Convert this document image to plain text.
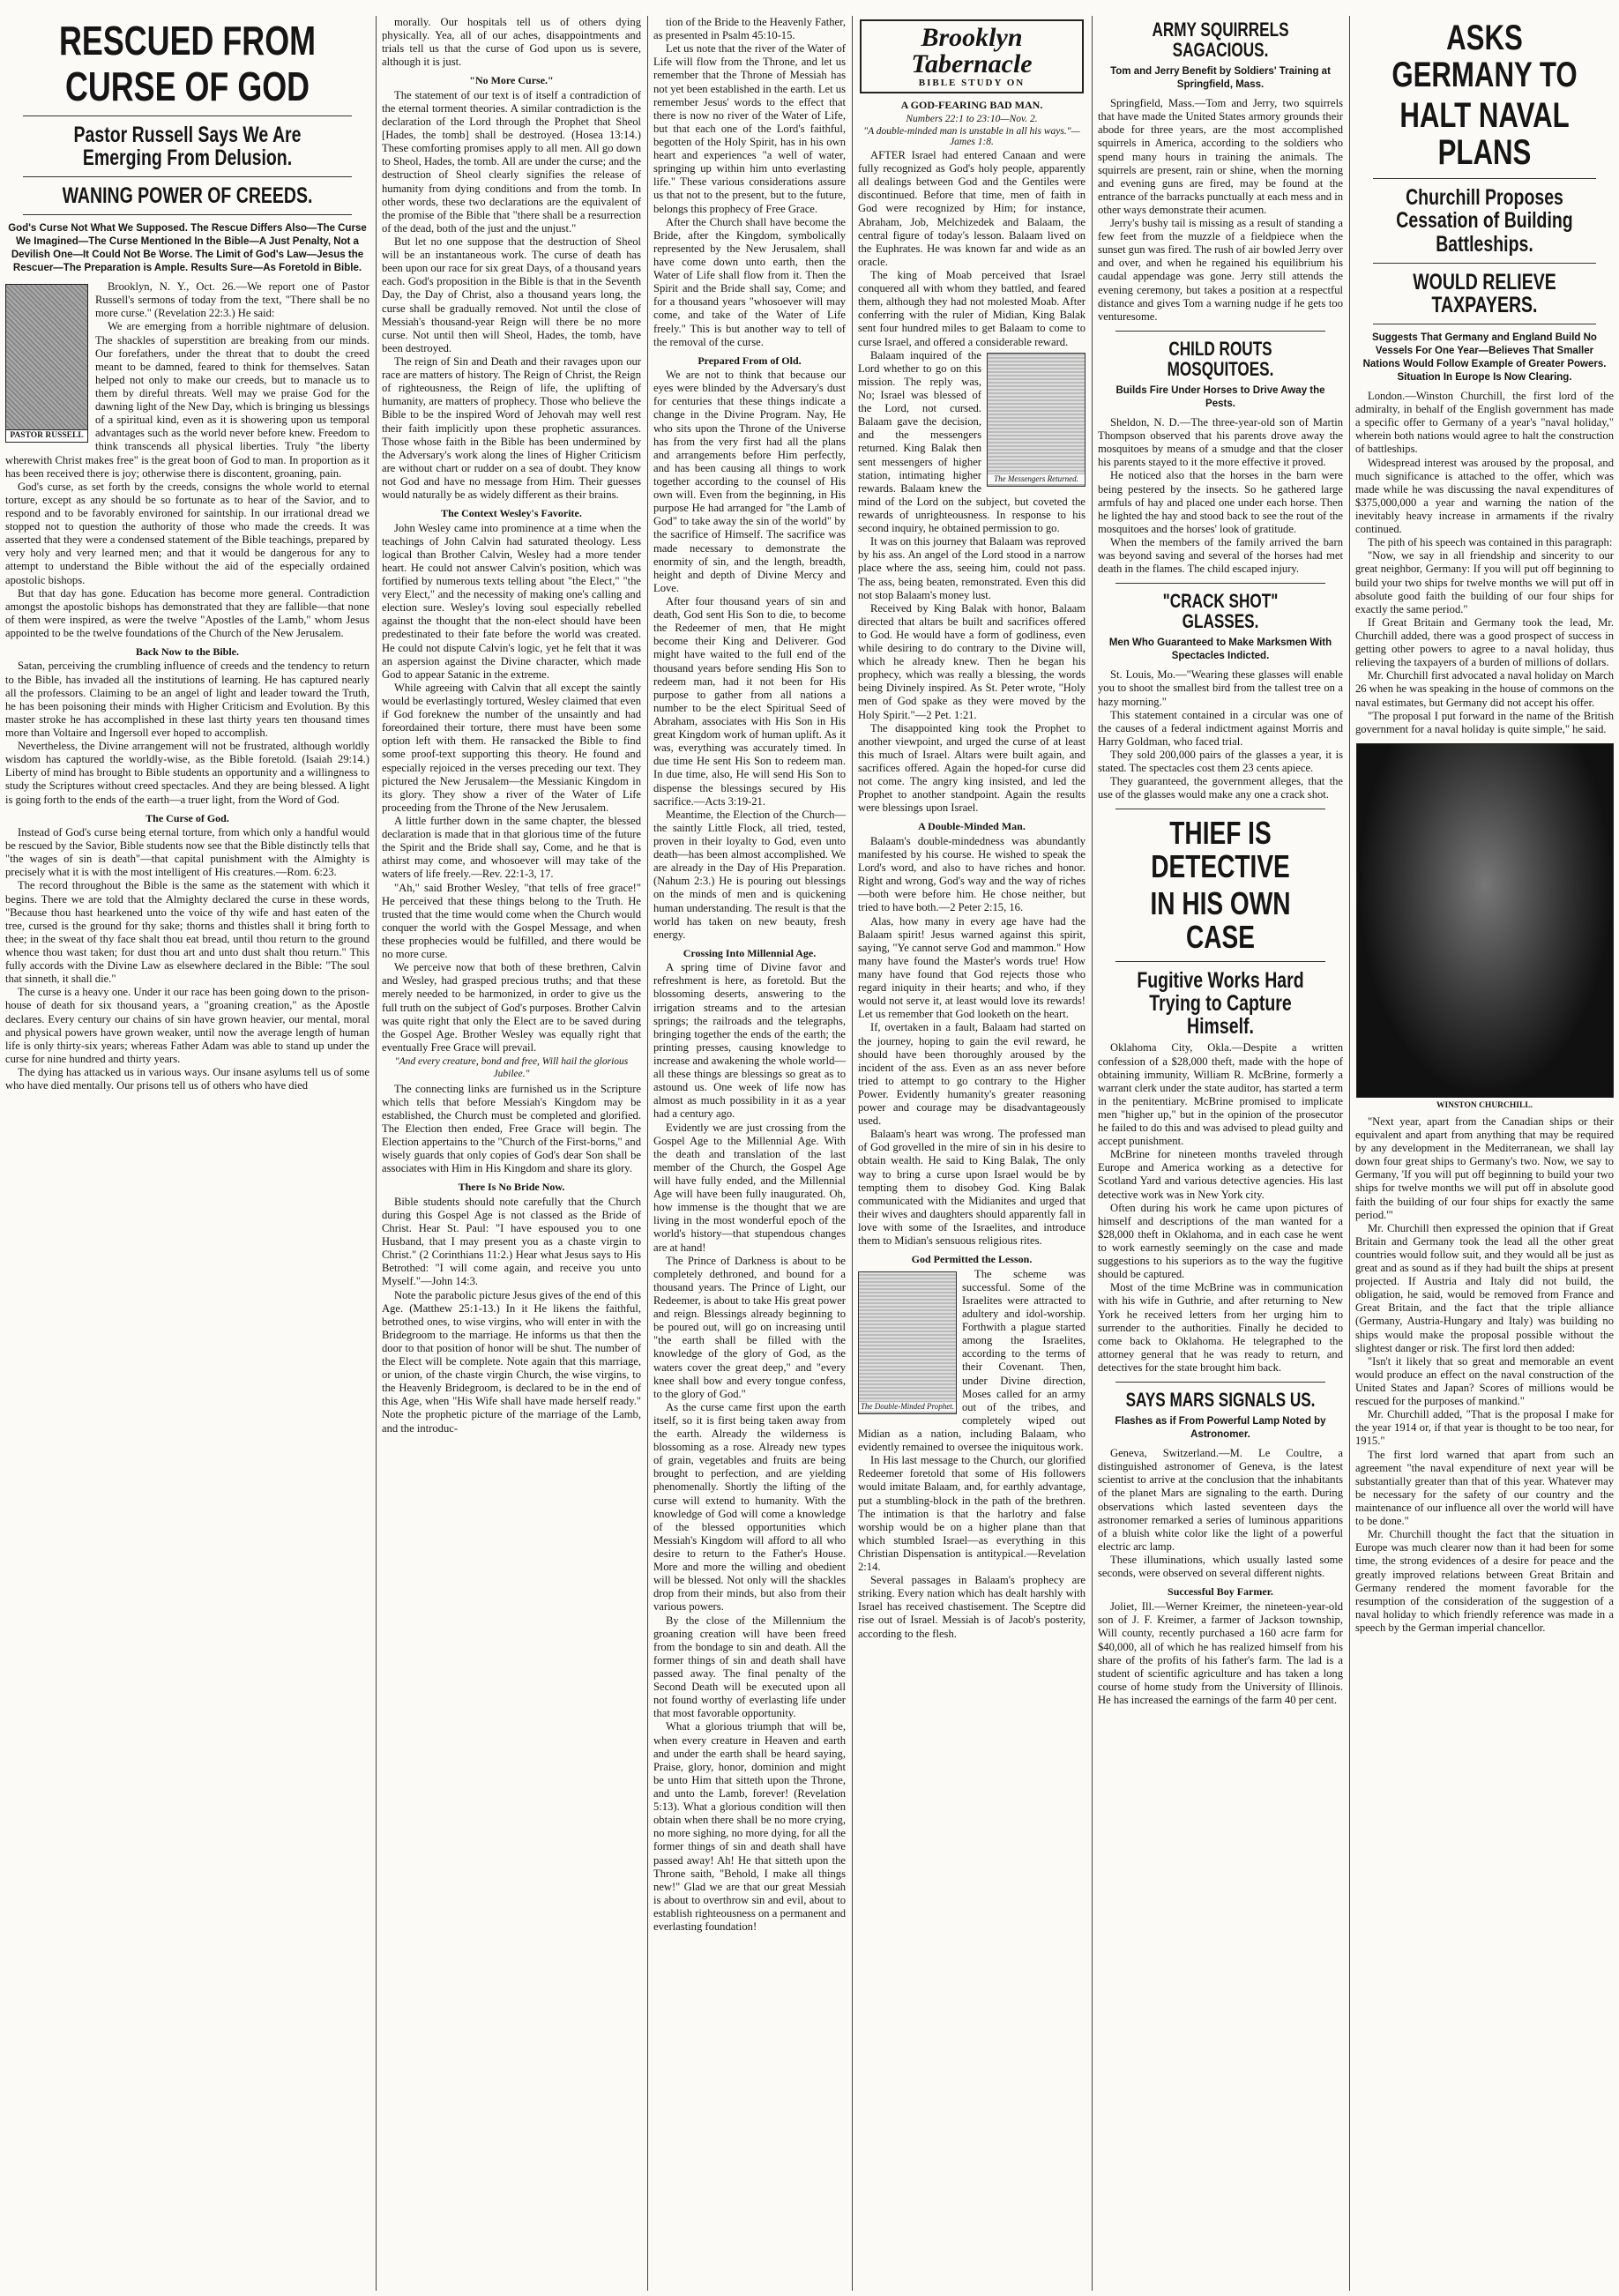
RESCUED FROM
CURSE OF GOD
Pastor Russell Says We Are Emerging From Delusion.
WANING POWER OF CREEDS.
God's Curse Not What We Supposed. The Rescue Differs Also—The Curse We Imagined—The Curse Mentioned In the Bible—A Just Penalty, Not a Devilish One—It Could Not Be Worse. The Limit of God's Law—Jesus the Rescuer—The Preparation is Ample. Results Sure—As Foretold in Bible.
PASTOR RUSSELL

Brooklyn, N. Y., Oct. 26.—We report one of Pastor Russell's sermons of today from the text, "There shall be no more curse." (Revelation 22:3.) He said:

We are emerging from a horrible nightmare of delusion. The shackles of superstition are breaking from our minds. Our forefathers, under the threat that to doubt the creed meant to be damned, feared to think for themselves. Satan helped not only to make our creeds, but to manacle us to them by direful threats. Well may we praise God for the dawning light of the New Day, which is bringing us blessings of a spiritual kind, even as it is showering upon us temporal advantages such as the world never before knew. Freedom to think transcends all physical liberties. Truly "the liberty wherewith Christ makes free" is the great boon of God to man. In proportion as it has been received there is joy; otherwise there is discontent, groaning, pain.

God's curse, as set forth by the creeds, consigns the whole world to eternal torture, except as any should be so fortunate as to hear of the Savior, and to respond and to be favorably environed for saintship. In our irrational dread we stopped not to question the authority of those who made the creeds. It was asserted that they were a condensed statement of the Bible teachings, prepared by very holy and very learned men; and that it would be dangerous for any to attempt to understand the Bible without the aid of the especially ordained apostolic bishops.

But that day has gone. Education has become more general. Contradiction amongst the apostolic bishops has demonstrated that they are fallible—that none of them were inspired, as were the twelve "Apostles of the Lamb," whom Jesus appointed to be the twelve foundations of the Church of the New Jerusalem.

Back Now to the Bible.

Satan, perceiving the crumbling influence of creeds and the tendency to return to the Bible, has invaded all the institutions of learning. He has captured nearly all the professors. Claiming to be an angel of light and leader toward the Truth, he has been poisoning their minds with Higher Criticism and Evolution. By this master stroke he has accomplished in these last thirty years ten thousand times more than Voltaire and Ingersoll ever hoped to accomplish.

Nevertheless, the Divine arrangement will not be frustrated, although worldly wisdom has captured the worldly-wise, as the Bible foretold. (Isaiah 29:14.) Liberty of mind has brought to Bible students an opportunity and a willingness to study the Scriptures without creed spectacles. And they are being blessed. A light is going forth to the ends of the earth—a truer light, from the Word of God.

The Curse of God.

Instead of God's curse being eternal torture, from which only a handful would be rescued by the Savior, Bible students now see that the Bible distinctly tells that "the wages of sin is death"—that capital punishment with the Almighty is precisely what it is with the most intelligent of His creatures.—Rom. 6:23.

The record throughout the Bible is the same as the statement with which it begins. There we are told that the Almighty declared the curse in these words, "Because thou hast hearkened unto the voice of thy wife and hast eaten of the tree, cursed is the ground for thy sake; thorns and thistles shall it bring forth to thee; in the sweat of thy face shalt thou eat bread, until thou return to the ground whence thou wast taken; for dust thou art and unto dust shalt thou return." This fully accords with the Divine Law as elsewhere declared in the Bible: "The soul that sinneth, it shall die."

The curse is a heavy one. Under it our race has been going down to the prison-house of death for six thousand years, a "groaning creation," as the Apostle declares. Every century our chains of sin have grown heavier, our mental, moral and physical powers have grown weaker, until now the average length of human life is only thirty-six years; whereas Father Adam was able to stand up under the curse for nine hundred and thirty years.

The dying has attacked us in various ways. Our insane asylums tell us of some who have died mentally. Our prisons tell us of others who have died

morally. Our hospitals tell us of others dying physically. Yea, all of our aches, disappointments and trials tell us that the curse of God upon us is severe, although it is just.

"No More Curse."

The statement of our text is of itself a contradiction of the eternal torment theories. A similar contradiction is the declaration of the Lord through the Prophet that Sheol [Hades, the tomb] shall be destroyed. (Hosea 13:14.) These comforting promises apply to all men. All go down to Sheol, Hades, the tomb. All are under the curse; and the destruction of Sheol clearly signifies the release of humanity from dying conditions and from the tomb. In other words, these two declarations are the equivalent of the promise of the Bible that "there shall be a resurrection of the dead, both of the just and the unjust."

But let no one suppose that the destruction of Sheol will be an instantaneous work. The curse of death has been upon our race for six great Days, of a thousand years each. God's proposition in the Bible is that in the Seventh Day, the Day of Christ, also a thousand years long, the curse shall be gradually removed. Not until the close of Messiah's thousand-year Reign will there be no more curse. Not until then will Sheol, Hades, the tomb, have been destroyed.

The reign of Sin and Death and their ravages upon our race are matters of history. The Reign of Christ, the Reign of righteousness, the Reign of life, the uplifting of humanity, are matters of prophecy. Those who believe the Bible to be the inspired Word of Jehovah may well rest their faith implicitly upon these prophetic assurances. Those whose faith in the Bible has been undermined by the Adversary's work along the lines of Higher Criticism are without chart or rudder on a sea of doubt. They know not God and have no message from Him. Their guesses would naturally be as widely different as their brains.

The Context Wesley's Favorite.

John Wesley came into prominence at a time when the teachings of John Calvin had saturated theology. Less logical than Brother Calvin, Wesley had a more tender heart. He could not answer Calvin's position, which was fortified by numerous texts telling about "the Elect," "the very Elect," and the necessity of making one's calling and election sure. Wesley's loving soul especially rebelled against the thought that the non-elect should have been predestinated to their fate before the world was created. He could not dispute Calvin's logic, yet he felt that it was an aspersion against the Divine character, which made God to appear Satanic in the extreme.

While agreeing with Calvin that all except the saintly would be everlastingly tortured, Wesley claimed that even if God foreknew the number of the unsaintly and had foreordained their torture, there must have been some option left with them. He ransacked the Bible to find some proof-text supporting this theory. He found and especially rejoiced in the verses preceding our text. They pictured the New Jerusalem—the Messianic Kingdom in its glory. They show a river of the Water of Life proceeding from the Throne of the New Jerusalem.

A little further down in the same chapter, the blessed declaration is made that in that glorious time of the future the Spirit and the Bride shall say, Come, and he that is athirst may come, and whosoever will may take of the waters of life freely.—Rev. 22:1-3, 17.

"Ah," said Brother Wesley, "that tells of free grace!" He perceived that these things belong to the Truth. He trusted that the time would come when the Church would conquer the world with the Gospel Message, and when these prophecies would be fulfilled, and there would be no more curse.

We perceive now that both of these brethren, Calvin and Wesley, had grasped precious truths; and that these merely needed to be harmonized, in order to give us the full truth on the subject of God's purposes. Brother Calvin was quite right that only the Elect are to be saved during the Gospel Age. Brother Wesley was equally right that eventually Free Grace will prevail.

"And every creature, bond and free, Will hail the glorious Jubilee."

The connecting links are furnished us in the Scripture which tells that before Messiah's Kingdom may be established, the Church must be completed and glorified. The Election then ended, Free Grace will begin. The Election appertains to the "Church of the First-borns," and wisely guards that only copies of God's dear Son shall be associates with Him in His Kingdom and share its glory.

There Is No Bride Now.

Bible students should note carefully that the Church during this Gospel Age is not classed as the Bride of Christ. Hear St. Paul: "I have espoused you to one Husband, that I may present you as a chaste virgin to Christ." (2 Corinthians 11:2.) Hear what Jesus says to His Betrothed: "I will come again, and receive you unto Myself."—John 14:3.

Note the parabolic picture Jesus gives of the end of this Age. (Matthew 25:1-13.) In it He likens the faithful, betrothed ones, to wise virgins, who will enter in with the Bridegroom to the marriage. He informs us that then the door to that position of honor will be shut. The number of the Elect will be complete. Note again that this marriage, or union, of the chaste virgin Church, the wise virgins, to the Heavenly Bridegroom, is declared to be in the end of this Age, when "His Wife shall have made herself ready." Note the prophetic picture of the marriage of the Lamb, and the introduc-

tion of the Bride to the Heavenly Father, as presented in Psalm 45:10-15.

Let us note that the river of the Water of Life will flow from the Throne, and let us remember that the Throne of Messiah has not yet been established in the earth. Let us remember Jesus' words to the effect that there is now no river of the Water of Life, but that each one of the Lord's faithful, begotten of the Holy Spirit, has in his own heart and experiences "a well of water, springing up within him unto everlasting life." These various considerations assure us that not to the present, but to the future, belongs this prophecy of Free Grace.

After the Church shall have become the Bride, after the Kingdom, symbolically represented by the New Jerusalem, shall have come down unto earth, then the Water of Life shall flow from it. Then the Spirit and the Bride shall say, Come; and for a thousand years "whosoever will may come, and take of the Water of Life freely." This is but another way to tell of the removal of the curse.

Prepared From of Old.

We are not to think that because our eyes were blinded by the Adversary's dust for centuries that these things indicate a change in the Divine Program. Nay, He who sits upon the Throne of the Universe has from the very first had all the plans and arrangements before Him perfectly, and has been causing all things to work together according to the counsel of His own will. Even from the beginning, in His purpose He had arranged for "the Lamb of God" to take away the sin of the world" by the sacrifice of Himself. The sacrifice was made necessary to demonstrate the enormity of sin, and the length, breadth, height and depth of Divine Mercy and Love.

After four thousand years of sin and death, God sent His Son to die, to become the Redeemer of men, that He might become their King and Deliverer. God might have waited to the full end of the thousand years before sending His Son to redeem man, had it not been for His purpose to gather from all nations a number to be the elect Spiritual Seed of Abraham, associates with His Son in His great Kingdom work of human uplift. As it was, everything was accurately timed. In due time He sent His Son to redeem man. In due time, also, He will send His Son to dispense the blessings secured by His sacrifice.—Acts 3:19-21.

Meantime, the Election of the Church—the saintly Little Flock, all tried, tested, proven in their loyalty to God, even unto death—has been almost accomplished. We are already in the Day of His Preparation. (Nahum 2:3.) He is pouring out blessings on the minds of men and is quickening human understanding. The result is that the world has taken on new beauty, fresh energy.

Crossing Into Millennial Age.

A spring time of Divine favor and refreshment is here, as foretold. But the blossoming deserts, answering to the irrigation streams and to the artesian springs; the railroads and the telegraphs, bringing together the ends of the earth; the printing presses, causing knowledge to increase and awakening the whole world—all these things are blessings so great as to astound us. One week of life now has almost as much possibility in it as a year had a century ago.

Evidently we are just crossing from the Gospel Age to the Millennial Age. With the death and translation of the last member of the Church, the Gospel Age will have fully ended, and the Millennial Age will have been fully inaugurated. Oh, how immense is the thought that we are living in the most wonderful epoch of the world's history—that stupendous changes are at hand!

The Prince of Darkness is about to be completely dethroned, and bound for a thousand years. The Prince of Light, our Redeemer, is about to take His great power and reign. Blessings already beginning to be poured out, will go on increasing until "the earth shall be filled with the knowledge of the glory of God, as the waters cover the great deep," and "every knee shall bow and every tongue confess, to the glory of God."

As the curse came first upon the earth itself, so it is first being taken away from the earth. Already the wilderness is blossoming as a rose. Already new types of grain, vegetables and fruits are being brought to perfection, and are yielding phenomenally. Shortly the lifting of the curse will extend to humanity. With the knowledge of God will come a knowledge of the blessed opportunities which Messiah's Kingdom will afford to all who desire to return to the Father's House. More and more the willing and obedient will be blessed. Not only will the shackles drop from their minds, but also from their various powers.

By the close of the Millennium the groaning creation will have been freed from the bondage to sin and death. All the former things of sin and death shall have passed away. The final penalty of the Second Death will be executed upon all not found worthy of everlasting life under that most favorable opportunity.

What a glorious triumph that will be, when every creature in Heaven and earth and under the earth shall be heard saying, Praise, glory, honor, dominion and might be unto Him that sitteth upon the Throne, and unto the Lamb, forever! (Revelation 5:13). What a glorious condition will then obtain when there shall be no more crying, no more sighing, no more dying, for all the former things of sin and death shall have passed away! Ah! He that sitteth upon the Throne saith, "Behold, I make all things new!" Glad we are that our great Messiah is about to overthrow sin and evil, about to establish righteousness on a permanent and everlasting foundation!

Brooklyn Tabernacle
BIBLE STUDY ON
A GOD-FEARING BAD MAN.
Numbers 22:1 to 23:10—Nov. 2.
"A double-minded man is unstable in all his ways."—James 1:8.

AFTER Israel had entered Canaan and were fully recognized as God's holy people, apparently all dealings between God and the Gentiles were discontinued. Before that time, men of faith in God were recognized by Him; for instance, Abraham, Job, Melchizedek and Balaam, the central figure of today's lesson. Balaam lived on the Euphrates. He was known far and wide as an oracle.

The king of Moab perceived that Israel conquered all with whom they battled, and feared them, although they had not molested Moab. After conferring with the ruler of Midian, King Balak sent four hundred miles to get Balaam to come to curse Israel, and offered a considerable reward.

The Messengers Returned.

Balaam inquired of the Lord whether to go on this mission. The reply was, No; Israel was blessed of the Lord, not cursed. Balaam gave the decision, and the messengers returned. King Balak then sent messengers of higher station, intimating higher rewards. Balaam knew the mind of the Lord on the subject, but coveted the rewards of unrighteousness. In response to his second inquiry, he obtained permission to go.

It was on this journey that Balaam was reproved by his ass. An angel of the Lord stood in a narrow place where the ass, seeing him, could not pass. The ass, being beaten, remonstrated. Even this did not stop Balaam's money lust.

Received by King Balak with honor, Balaam directed that altars be built and sacrifices offered to God. He would have a form of godliness, even while desiring to do contrary to the Divine will, which he already knew. Then he began his prophecy, which was really a blessing, the words being Divinely inspired. As St. Peter wrote, "Holy men of God spake as they were moved by the Holy Spirit."—2 Pet. 1:21.

The disappointed king took the Prophet to another viewpoint, and urged the curse of at least this much of Israel. Altars were built again, and sacrifices offered. Again the hoped-for curse did not come. The angry king insisted, and led the Prophet to another standpoint. Again the results were blessings upon Israel.

A Double-Minded Man.

Balaam's double-mindedness was abundantly manifested by his course. He wished to speak the Lord's word, and also to have riches and honor. Right and wrong, God's way and the way of riches—both were before him. He chose neither, but tried to have both.—2 Peter 2:15, 16.

Alas, how many in every age have had the Balaam spirit! Jesus warned against this spirit, saying, "Ye cannot serve God and mammon." How many have found the Master's words true! How many have found that God rejects those who regard iniquity in their hearts; and who, if they would not serve it, at least would love its rewards! Let us remember that God looketh on the heart.

If, overtaken in a fault, Balaam had started on the journey, hoping to gain the evil reward, he should have been thoroughly aroused by the incident of the ass. Even as an ass never before tried to attempt to go contrary to the Higher Power. Evidently humanity's greater reasoning power and courage may be disadvantageously used.

Balaam's heart was wrong. The professed man of God grovelled in the mire of sin in his desire to obtain wealth. He said to King Balak, The only way to bring a curse upon Israel would be by tempting them to disobey God. King Balak communicated with the Midianites and urged that their wives and daughters should apparently fall in love with some of the Israelites, and introduce them to Midian's sensuous religious rites.

God Permitted the Lesson.
The Double-Minded Prophet.

The scheme was successful. Some of the Israelites were attracted to adultery and idol-worship. Forthwith a plague started among the Israelites, according to the terms of their Covenant. Then, under Divine direction, Moses called for an army out of the tribes, and completely wiped out Midian as a nation, including Balaam, who evidently remained to oversee the iniquitous work.

In His last message to the Church, our glorified Redeemer foretold that some of His followers would imitate Balaam, and, for earthly advantage, put a stumbling-block in the path of the brethren. The intimation is that the harlotry and false worship would be on a higher plane than that which stumbled Israel—as everything in this Christian Dispensation is antitypical.—Revelation 2:14.

Several passages in Balaam's prophecy are striking. Every nation which has dealt harshly with Israel has received chastisement. The Sceptre did rise out of Israel. Messiah is of Jacob's posterity, according to the flesh.

ARMY SQUIRRELS SAGACIOUS.
Tom and Jerry Benefit by Soldiers' Training at Springfield, Mass.

Springfield, Mass.—Tom and Jerry, two squirrels that have made the United States armory grounds their abode for three years, are the most accomplished squirrels in America, according to the soldiers who spend many hours in training the animals. The squirrels are present, rain or shine, when the morning and evening guns are fired, may be found at the entrance of the barracks punctually at each mess and in other ways demonstrate their acumen.

Jerry's bushy tail is missing as a result of standing a few feet from the muzzle of a fieldpiece when the sunset gun was fired. The rush of air bowled Jerry over and over, and when he regained his equilibrium his caudal appendage was gone. Jerry still attends the evening ceremony, but takes a position at a respectful distance and gives Tom a warning nudge if he gets too venturesome.

CHILD ROUTS MOSQUITOES.
Builds Fire Under Horses to Drive Away the Pests.

Sheldon, N. D.—The three-year-old son of Martin Thompson observed that his parents drove away the mosquitoes by means of a smudge and that the closer his parents stayed to it the more effective it proved.

He noticed also that the horses in the barn were being pestered by the insects. So he gathered large armfuls of hay and placed one under each horse. Then he lighted the hay and stood back to see the rout of the mosquitoes and the horses' look of gratitude.

When the members of the family arrived the barn was beyond saving and several of the horses had met death in the flames. The child escaped injury.

"CRACK SHOT" GLASSES.
Men Who Guaranteed to Make Marksmen With Spectacles Indicted.

St. Louis, Mo.—"Wearing these glasses will enable you to shoot the smallest bird from the tallest tree on a hazy morning."

This statement contained in a circular was one of the causes of a federal indictment against Morris and Harry Goldman, who faced trial.

They sold 200,000 pairs of the glasses a year, it is stated. The spectacles cost them 23 cents apiece.

They guaranteed, the government alleges, that the use of the glasses would make any one a crack shot.

THIEF IS DETECTIVE
IN HIS OWN CASE
Fugitive Works Hard Trying to Capture Himself.

Oklahoma City, Okla.—Despite a written confession of a $28,000 theft, made with the hope of obtaining immunity, William R. McBrine, formerly a warrant clerk under the state auditor, has started a term in the penitentiary. McBrine promised to implicate men "higher up," but in the opinion of the prosecutor he failed to do this and was advised to plead guilty and accept punishment.

McBrine for nineteen months traveled through Europe and America working as a detective for Scotland Yard and various detective agencies. His last detective work was in New York city.

Often during his work he came upon pictures of himself and descriptions of the man wanted for a $28,000 theft in Oklahoma, and in each case he went to work earnestly seemingly on the case and made suggestions to his superiors as to the way the fugitive should be captured.

Most of the time McBrine was in communication with his wife in Guthrie, and after returning to New York he received letters from her urging him to surrender to the authorities. Finally he decided to come back to Oklahoma. He telegraphed to the attorney general that he was ready to return, and detectives for the state brought him back.

SAYS MARS SIGNALS US.
Flashes as if From Powerful Lamp Noted by Astronomer.

Geneva, Switzerland.—M. Le Coultre, a distinguished astronomer of Geneva, is the latest scientist to arrive at the conclusion that the inhabitants of the planet Mars are signaling to the earth. During observations which lasted seventeen days the astronomer remarked a series of luminous apparitions of a bluish white color like the light of a powerful electric arc lamp.

These illuminations, which usually lasted some seconds, were observed on several different nights.

Successful Boy Farmer.

Joliet, Ill.—Werner Kreimer, the nineteen-year-old son of J. F. Kreimer, a farmer of Jackson township, Will county, recently purchased a 160 acre farm for $40,000, all of which he has realized himself from his share of the profits of his father's farm. The lad is a student of scientific agriculture and has taken a long course of home study from the University of Illinois. He has increased the earnings of the farm 40 per cent.

ASKS GERMANY TO
HALT NAVAL PLANS
Churchill Proposes Cessation of Building Battleships.
WOULD RELIEVE TAXPAYERS.
Suggests That Germany and England Build No Vessels For One Year—Believes That Smaller Nations Would Follow Example of Greater Powers. Situation In Europe Is Now Clearing.

London.—Winston Churchill, the first lord of the admiralty, in behalf of the English government has made a specific offer to Germany of a year's "naval holiday," wherein both nations would agree to halt the construction of battleships.

Widespread interest was aroused by the proposal, and much significance is attached to the offer, which was made while he was discussing the naval expenditures of $375,000,000 a year and warning the nation of the inevitably heavy increase in armaments if the rivalry continued.

The pith of his speech was contained in this paragraph:

"Now, we say in all friendship and sincerity to our great neighbor, Germany: If you will put off beginning to build your two ships for twelve months we will put off in absolute good faith the building of our four ships for exactly the same period."

If Great Britain and Germany took the lead, Mr. Churchill added, there was a good prospect of success in getting other powers to agree to a naval holiday, thus relieving the taxpayers of a burden of millions of dollars.

Mr. Churchill first advocated a naval holiday on March 26 when he was speaking in the house of commons on the naval estimates, but Germany did not accept his offer.

"The proposal I put forward in the name of the British government for a naval holiday is quite simple," he said.

WINSTON CHURCHILL.

"Next year, apart from the Canadian ships or their equivalent and apart from anything that may be required by any development in the Mediterranean, we shall lay down four great ships to Germany's two. Now, we say to Germany, 'If you will put off beginning to build your two ships for twelve months we will put off in absolute good faith the building of our four ships for exactly the same period.'"

Mr. Churchill then expressed the opinion that if Great Britain and Germany took the lead all the other great countries would follow suit, and they would all be just as great and as sound as if they had built the ships at present projected. If Austria and Italy did not build, the obligation, he said, would be removed from France and Great Britain, and the fact that the triple alliance (Germany, Austria-Hungary and Italy) was building no ships would make the proposal possible without the slightest danger or risk. The first lord then added:

"Isn't it likely that so great and memorable an event would produce an effect on the naval construction of the United States and Japan? Scores of millions would be rescued for the purposes of mankind."

Mr. Churchill added, "That is the proposal I make for the year 1914 or, if that year is thought to be too near, for 1915."

The first lord warned that apart from such an agreement "the naval expenditure of next year will be substantially greater than that of this year. Whatever may be necessary for the safety of our country and the maintenance of our influence all over the world will have to be done."

Mr. Churchill thought the fact that the situation in Europe was much clearer now than it had been for some time, the strong evidences of a desire for peace and the greatly improved relations between Great Britain and Germany rendered the moment favorable for the resumption of the consideration of the suggestion of a naval holiday to which friendly reference was made in a speech by the German imperial chancellor.
